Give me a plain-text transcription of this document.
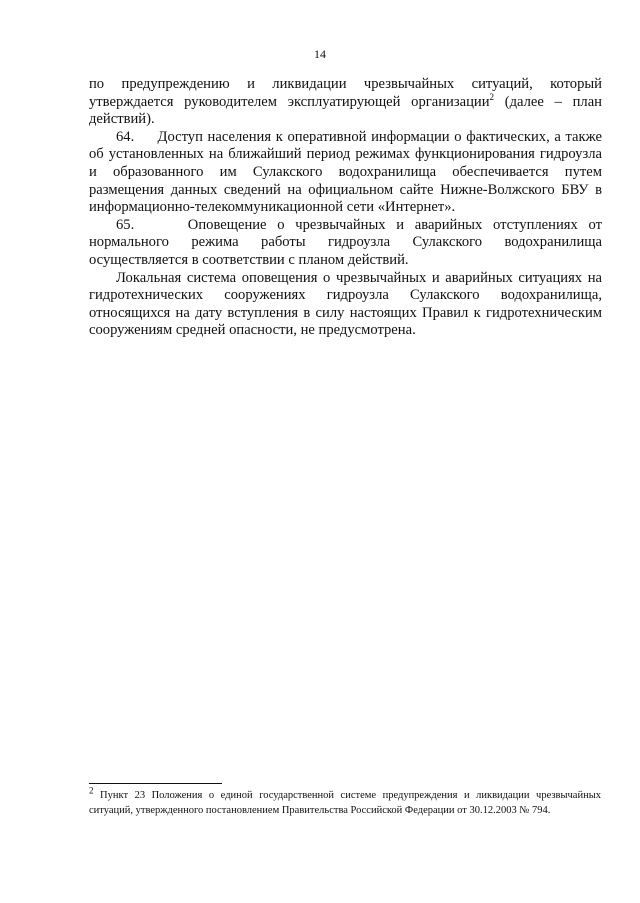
14

по предупреждению и ликвидации чрезвычайных ситуаций, который утверждается руководителем эксплуатирующей организации$^2$ (далее – план действий).

64.     Доступ населения к оперативной информации о фактических, а также об установленных на ближайший период режимах функционирования гидроузла и образованного им Сулакского водохранилища обеспечивается путем размещения данных сведений на официальном сайте Нижне-Волжского БВУ в информационно-телекоммуникационной сети «Интернет».

65.     Оповещение о чрезвычайных и аварийных отступлениях от нормального режима работы гидроузла Сулакского водохранилища осуществляется в соответствии с планом действий.

Локальная система оповещения о чрезвычайных и аварийных ситуациях на гидротехнических сооружениях гидроузла Сулакского водохранилища, относящихся на дату вступления в силу настоящих Правил к гидротехническим сооружениям средней опасности, не предусмотрена.

$^2$ Пункт 23 Положения о единой государственной системе предупреждения и ликвидации чрезвычайных ситуаций, утвержденного постановлением Правительства Российской Федерации от 30.12.2003 № 794.
